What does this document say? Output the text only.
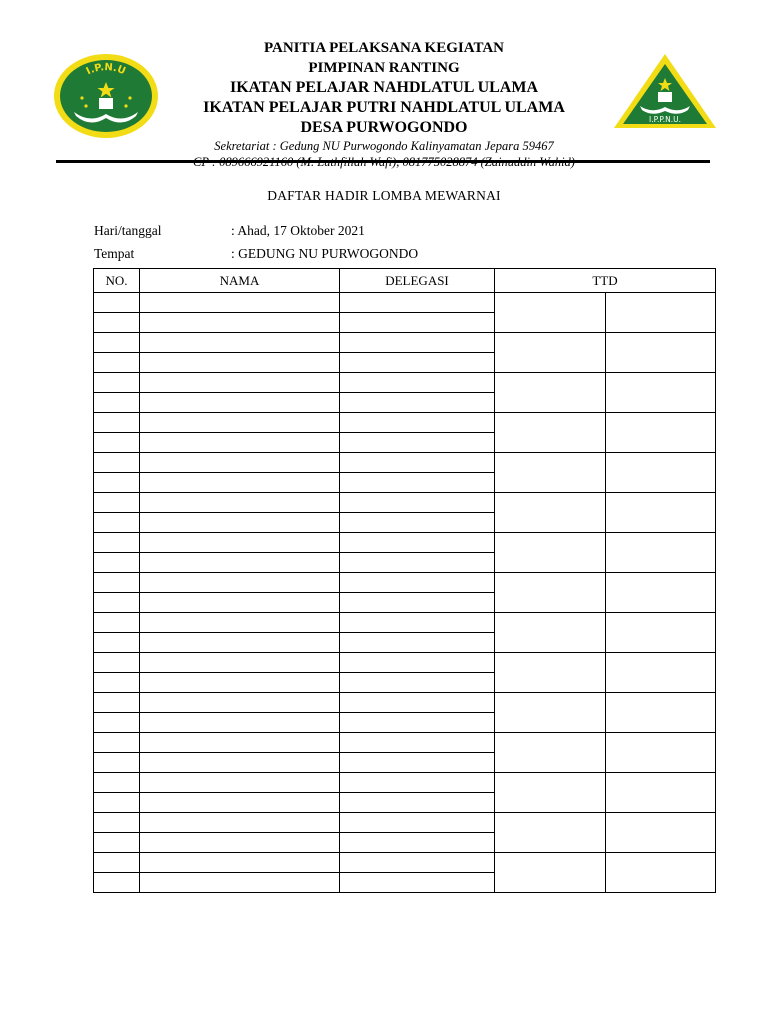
I.P.N.U
PANITIA PELAKSANA KEGIATAN
PIMPINAN RANTING
IKATAN PELAJAR NAHDLATUL ULAMA
IKATAN PELAJAR PUTRI NAHDLATUL ULAMA
DESA PURWOGONDO
Sekretariat : Gedung NU Purwogondo Kalinyamatan Jepara 59467
I.P.P.N.U.
DAFTAR HADIR LOMBA MEWARNAI
Hari/tanggal	: Ahad, 17 Oktober 2021
Tempat	: GEDUNG NU PURWOGONDO
NO.	NAMA	DELEGASI	TTD	
